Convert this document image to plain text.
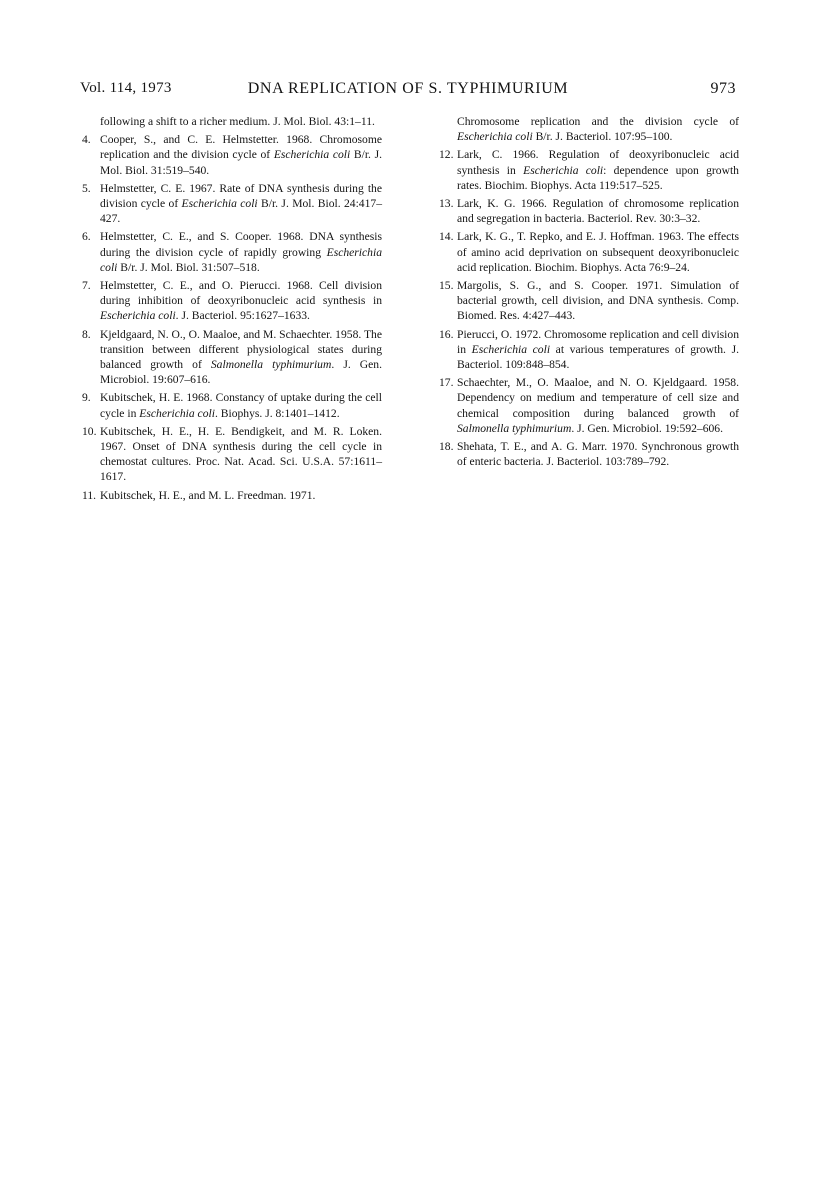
Vol. 114, 1973	DNA REPLICATION OF S. TYPHIMURIUM	973
following a shift to a richer medium. J. Mol. Biol. 43:1–11.
4. Cooper, S., and C. E. Helmstetter. 1968. Chromosome replication and the division cycle of Escherichia coli B/r. J. Mol. Biol. 31:519–540.
5. Helmstetter, C. E. 1967. Rate of DNA synthesis during the division cycle of Escherichia coli B/r. J. Mol. Biol. 24:417–427.
6. Helmstetter, C. E., and S. Cooper. 1968. DNA synthesis during the division cycle of rapidly growing Escherichia coli B/r. J. Mol. Biol. 31:507–518.
7. Helmstetter, C. E., and O. Pierucci. 1968. Cell division during inhibition of deoxyribonucleic acid synthesis in Escherichia coli. J. Bacteriol. 95:1627–1633.
8. Kjeldgaard, N. O., O. Maaloe, and M. Schaechter. 1958. The transition between different physiological states during balanced growth of Salmonella typhimurium. J. Gen. Microbiol. 19:607–616.
9. Kubitschek, H. E. 1968. Constancy of uptake during the cell cycle in Escherichia coli. Biophys. J. 8:1401–1412.
10. Kubitschek, H. E., H. E. Bendigkeit, and M. R. Loken. 1967. Onset of DNA synthesis during the cell cycle in chemostat cultures. Proc. Nat. Acad. Sci. U.S.A. 57:1611–1617.
11. Kubitschek, H. E., and M. L. Freedman. 1971.
Chromosome replication and the division cycle of Escherichia coli B/r. J. Bacteriol. 107:95–100.
12. Lark, C. 1966. Regulation of deoxyribonucleic acid synthesis in Escherichia coli: dependence upon growth rates. Biochim. Biophys. Acta 119:517–525.
13. Lark, K. G. 1966. Regulation of chromosome replication and segregation in bacteria. Bacteriol. Rev. 30:3–32.
14. Lark, K. G., T. Repko, and E. J. Hoffman. 1963. The effects of amino acid deprivation on subsequent deoxyribonucleic acid replication. Biochim. Biophys. Acta 76:9–24.
15. Margolis, S. G., and S. Cooper. 1971. Simulation of bacterial growth, cell division, and DNA synthesis. Comp. Biomed. Res. 4:427–443.
16. Pierucci, O. 1972. Chromosome replication and cell division in Escherichia coli at various temperatures of growth. J. Bacteriol. 109:848–854.
17. Schaechter, M., O. Maaloe, and N. O. Kjeldgaard. 1958. Dependency on medium and temperature of cell size and chemical composition during balanced growth of Salmonella typhimurium. J. Gen. Microbiol. 19:592–606.
18. Shehata, T. E., and A. G. Marr. 1970. Synchronous growth of enteric bacteria. J. Bacteriol. 103:789–792.
